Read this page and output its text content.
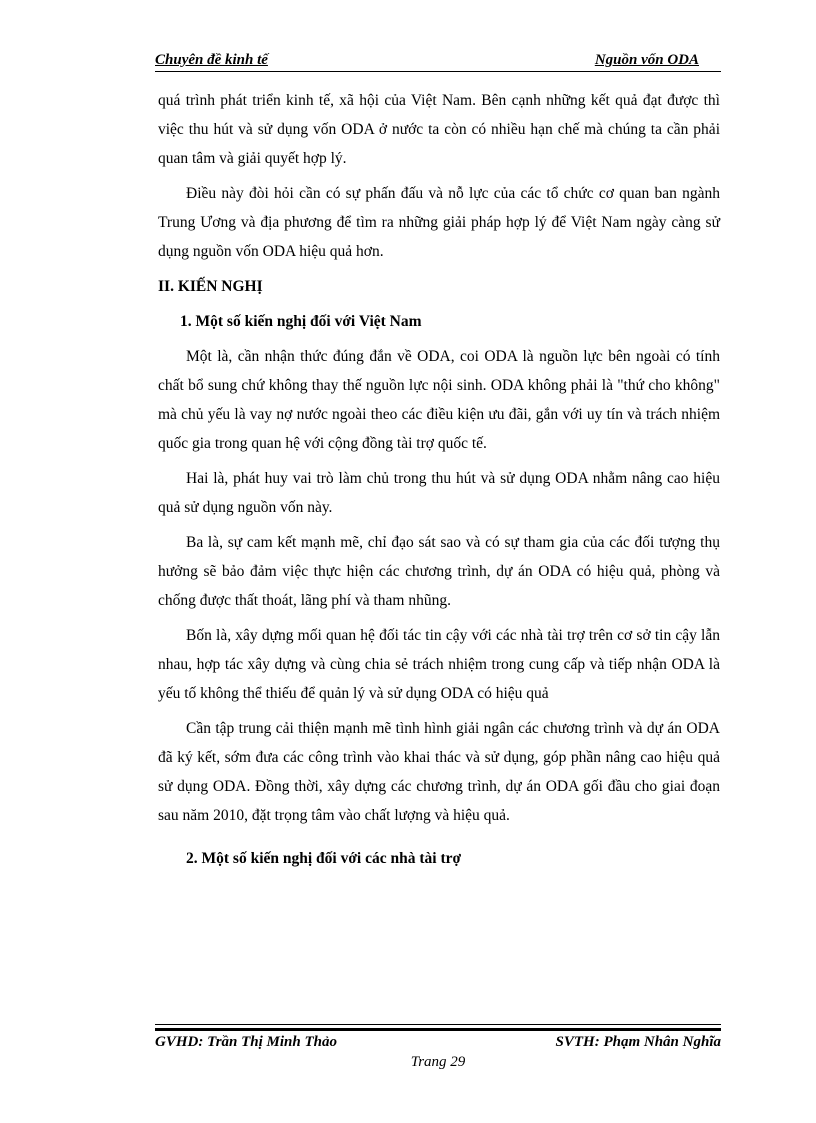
Chuyên đề kinh tế	Nguồn vốn ODA

quá trình phát triển kinh tế, xã hội của Việt Nam. Bên cạnh những kết quả đạt được thì việc thu hút và sử dụng vốn ODA ở nước ta còn có nhiều hạn chế mà chúng ta cần phải quan tâm và giải quyết hợp lý.

Điều này đòi hỏi cần có sự phấn đấu và nỗ lực của các tổ chức cơ quan ban ngành Trung Ương và địa phương để tìm ra những giải pháp hợp lý để Việt Nam ngày càng sử dụng nguồn vốn ODA hiệu quả hơn.

II. KIẾN NGHỊ
1. Một số kiến nghị đối với Việt Nam

Một là, cần nhận thức đúng đắn về ODA, coi ODA là nguồn lực bên ngoài có tính chất bổ sung chứ không thay thế nguồn lực nội sinh. ODA không phải là "thứ cho không" mà chủ yếu là vay nợ nước ngoài theo các điều kiện ưu đãi, gắn với uy tín và trách nhiệm quốc gia trong quan hệ với cộng đồng tài trợ quốc tế.

Hai là, phát huy vai trò làm chủ trong thu hút và sử dụng ODA nhằm nâng cao hiệu quả sử dụng nguồn vốn này.

Ba là, sự cam kết mạnh mẽ, chỉ đạo sát sao và có sự tham gia của các đối tượng thụ hưởng sẽ bảo đảm việc thực hiện các chương trình, dự án ODA có hiệu quả, phòng và chống được thất thoát, lãng phí và tham nhũng.

Bốn là, xây dựng mối quan hệ đối tác tin cậy với các nhà tài trợ trên cơ sở tin cậy lẫn nhau, hợp tác xây dựng và cùng chia sẻ trách nhiệm trong cung cấp và tiếp nhận ODA là yếu tố không thể thiếu để quản lý và sử dụng ODA có hiệu quả

Cần tập trung cải thiện mạnh mẽ tình hình giải ngân các chương trình và dự án ODA đã ký kết, sớm đưa các công trình vào khai thác và sử dụng, góp phần nâng cao hiệu quả sử dụng ODA. Đồng thời, xây dựng các chương trình, dự án ODA gối đầu cho giai đoạn sau năm 2010, đặt trọng tâm vào chất lượng và hiệu quả.

2. Một số kiến nghị đối với các nhà tài trợ
GVHD: Trần Thị Minh Thảo	SVTH: Phạm Nhân Nghĩa
Trang 29
